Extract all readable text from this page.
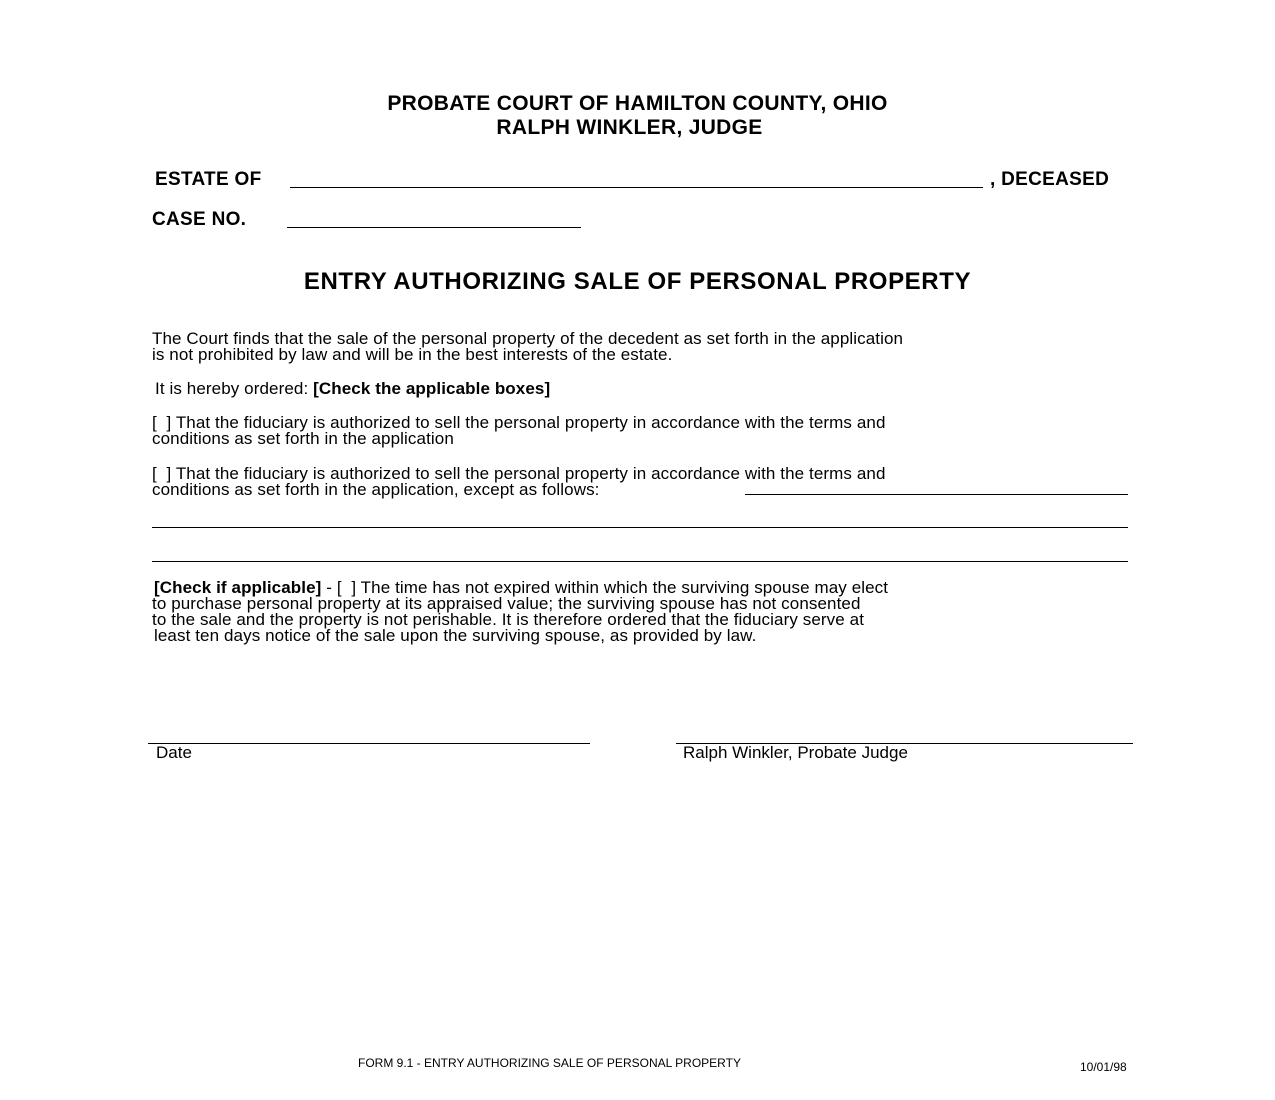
PROBATE COURT OF HAMILTON COUNTY, OHIO
RALPH WINKLER, JUDGE
ESTATE OF	, DECEASED
CASE NO.
ENTRY AUTHORIZING SALE OF PERSONAL PROPERTY
The Court finds that the sale of the personal property of the decedent as set forth in the application
is not prohibited by law and will be in the best interests of the estate.
It is hereby ordered: [Check the applicable boxes]
[  ] That the fiduciary is authorized to sell the personal property in accordance with the terms and
conditions as set forth in the application
[  ] That the fiduciary is authorized to sell the personal property in accordance with the terms and
conditions as set forth in the application, except as follows:
[Check if applicable] - [  ] The time has not expired within which the surviving spouse may elect
to purchase personal property at its appraised value; the surviving spouse has not consented
to the sale and the property is not perishable. It is therefore ordered that the fiduciary serve at
least ten days notice of the sale upon the surviving spouse, as provided by law.
Date	Ralph Winkler, Probate Judge
FORM 9.1 - ENTRY AUTHORIZING SALE OF PERSONAL PROPERTY	10/01/98
